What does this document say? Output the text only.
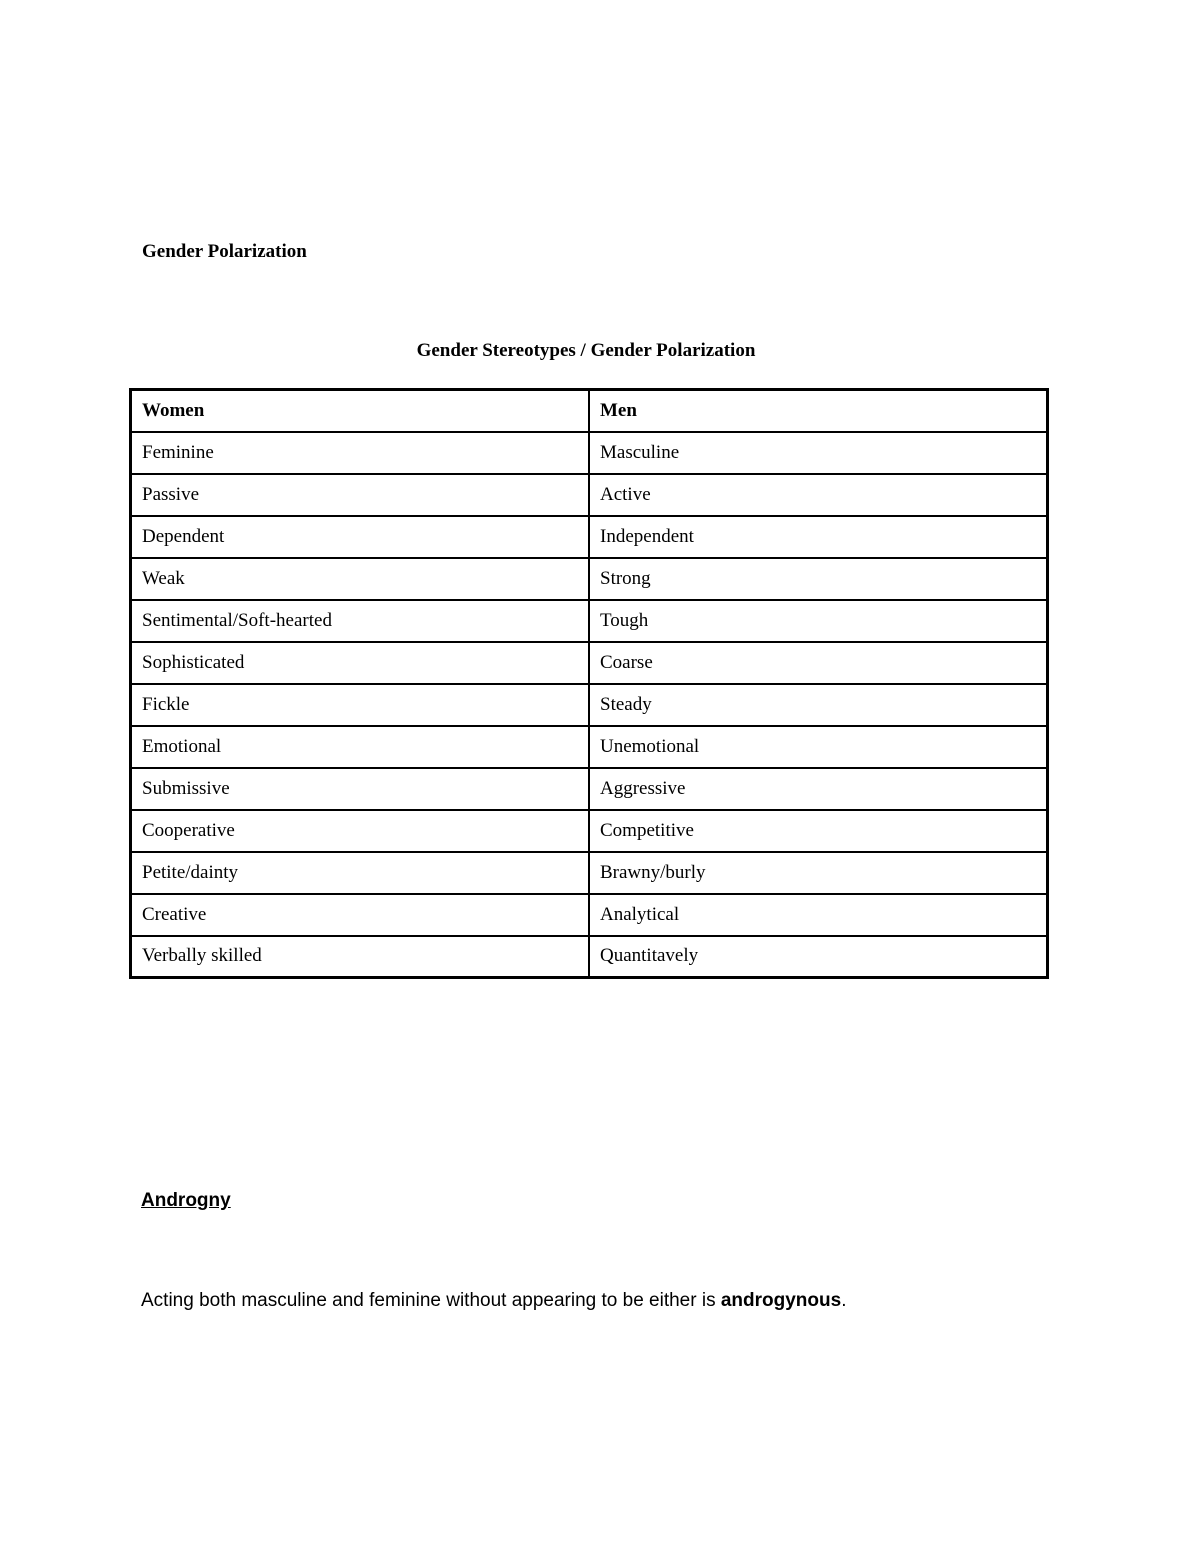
Gender Polarization
Gender Stereotypes / Gender Polarization
Women	Men
Feminine	Masculine
Passive	Active
Dependent	Independent
Weak	Strong
Sentimental/Soft-hearted	Tough
Sophisticated	Coarse
Fickle	Steady
Emotional	Unemotional
Submissive	Aggressive
Cooperative	Competitive
Petite/dainty	Brawny/burly
Creative	Analytical
Verbally skilled	Quantitavely
Androgny

Acting both masculine and feminine without appearing to be either is androgynous.
